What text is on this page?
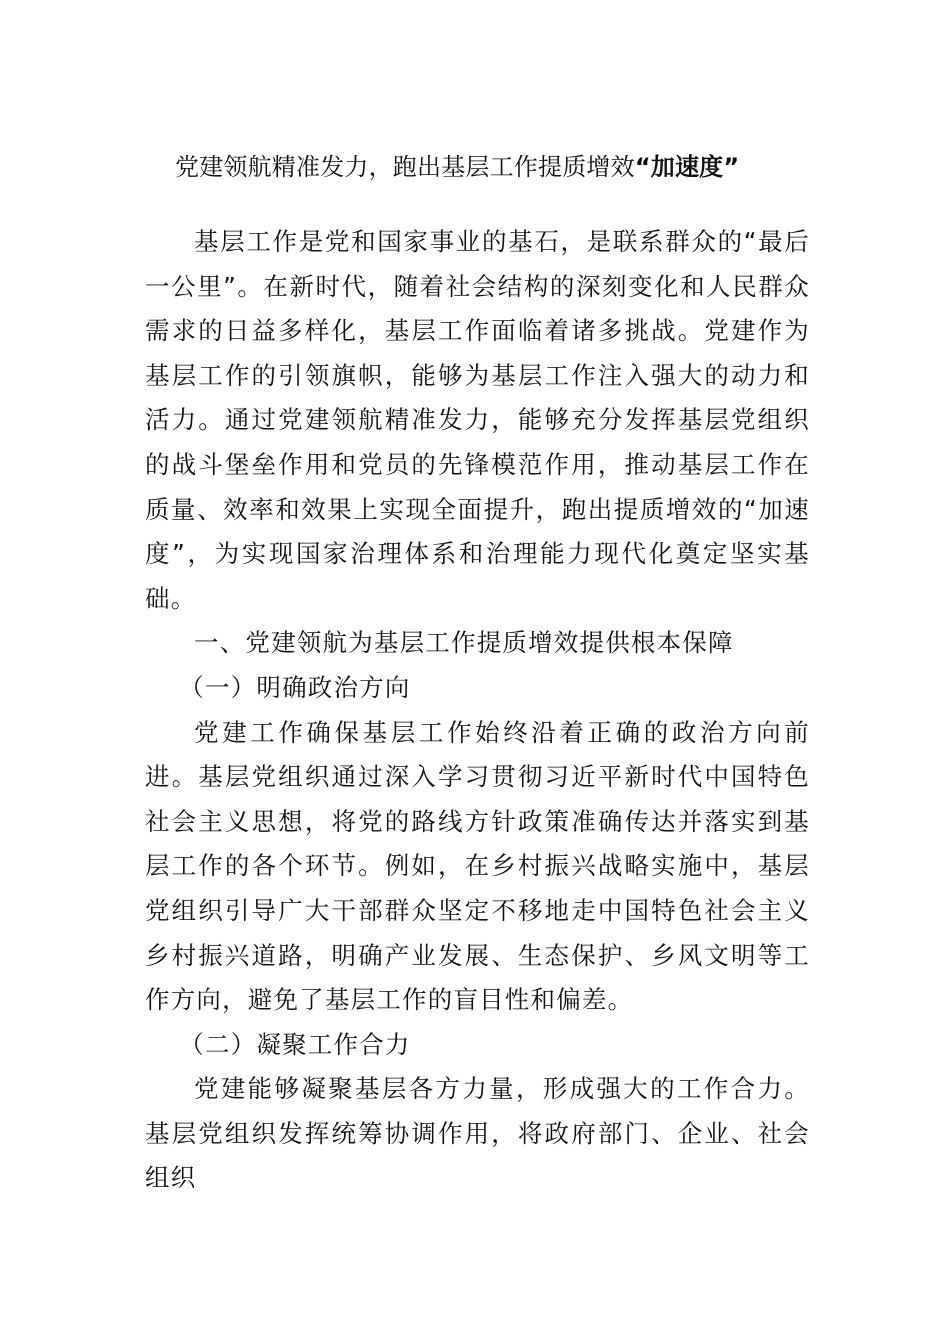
党建领航精准发力，跑出基层工作提质增效“加速度”

基层工作是党和国家事业的基石，是联系群众的“最后一公里”。在新时代，随着社会结构的深刻变化和人民群众需求的日益多样化，基层工作面临着诸多挑战。党建作为基层工作的引领旗帜，能够为基层工作注入强大的动力和活力。通过党建领航精准发力，能够充分发挥基层党组织的战斗堡垒作用和党员的先锋模范作用，推动基层工作在质量、效率和效果上实现全面提升，跑出提质增效的“加速度”，为实现国家治理体系和治理能力现代化奠定坚实基础。

一、党建领航为基层工作提质增效提供根本保障

（一）明确政治方向

党建工作确保基层工作始终沿着正确的政治方向前进。基层党组织通过深入学习贯彻习近平新时代中国特色社会主义思想，将党的路线方针政策准确传达并落实到基层工作的各个环节。例如，在乡村振兴战略实施中，基层党组织引导广大干部群众坚定不移地走中国特色社会主义乡村振兴道路，明确产业发展、生态保护、乡风文明等工作方向，避免了基层工作的盲目性和偏差。

（二）凝聚工作合力

党建能够凝聚基层各方力量，形成强大的工作合力。基层党组织发挥统筹协调作用，将政府部门、企业、社会组织
